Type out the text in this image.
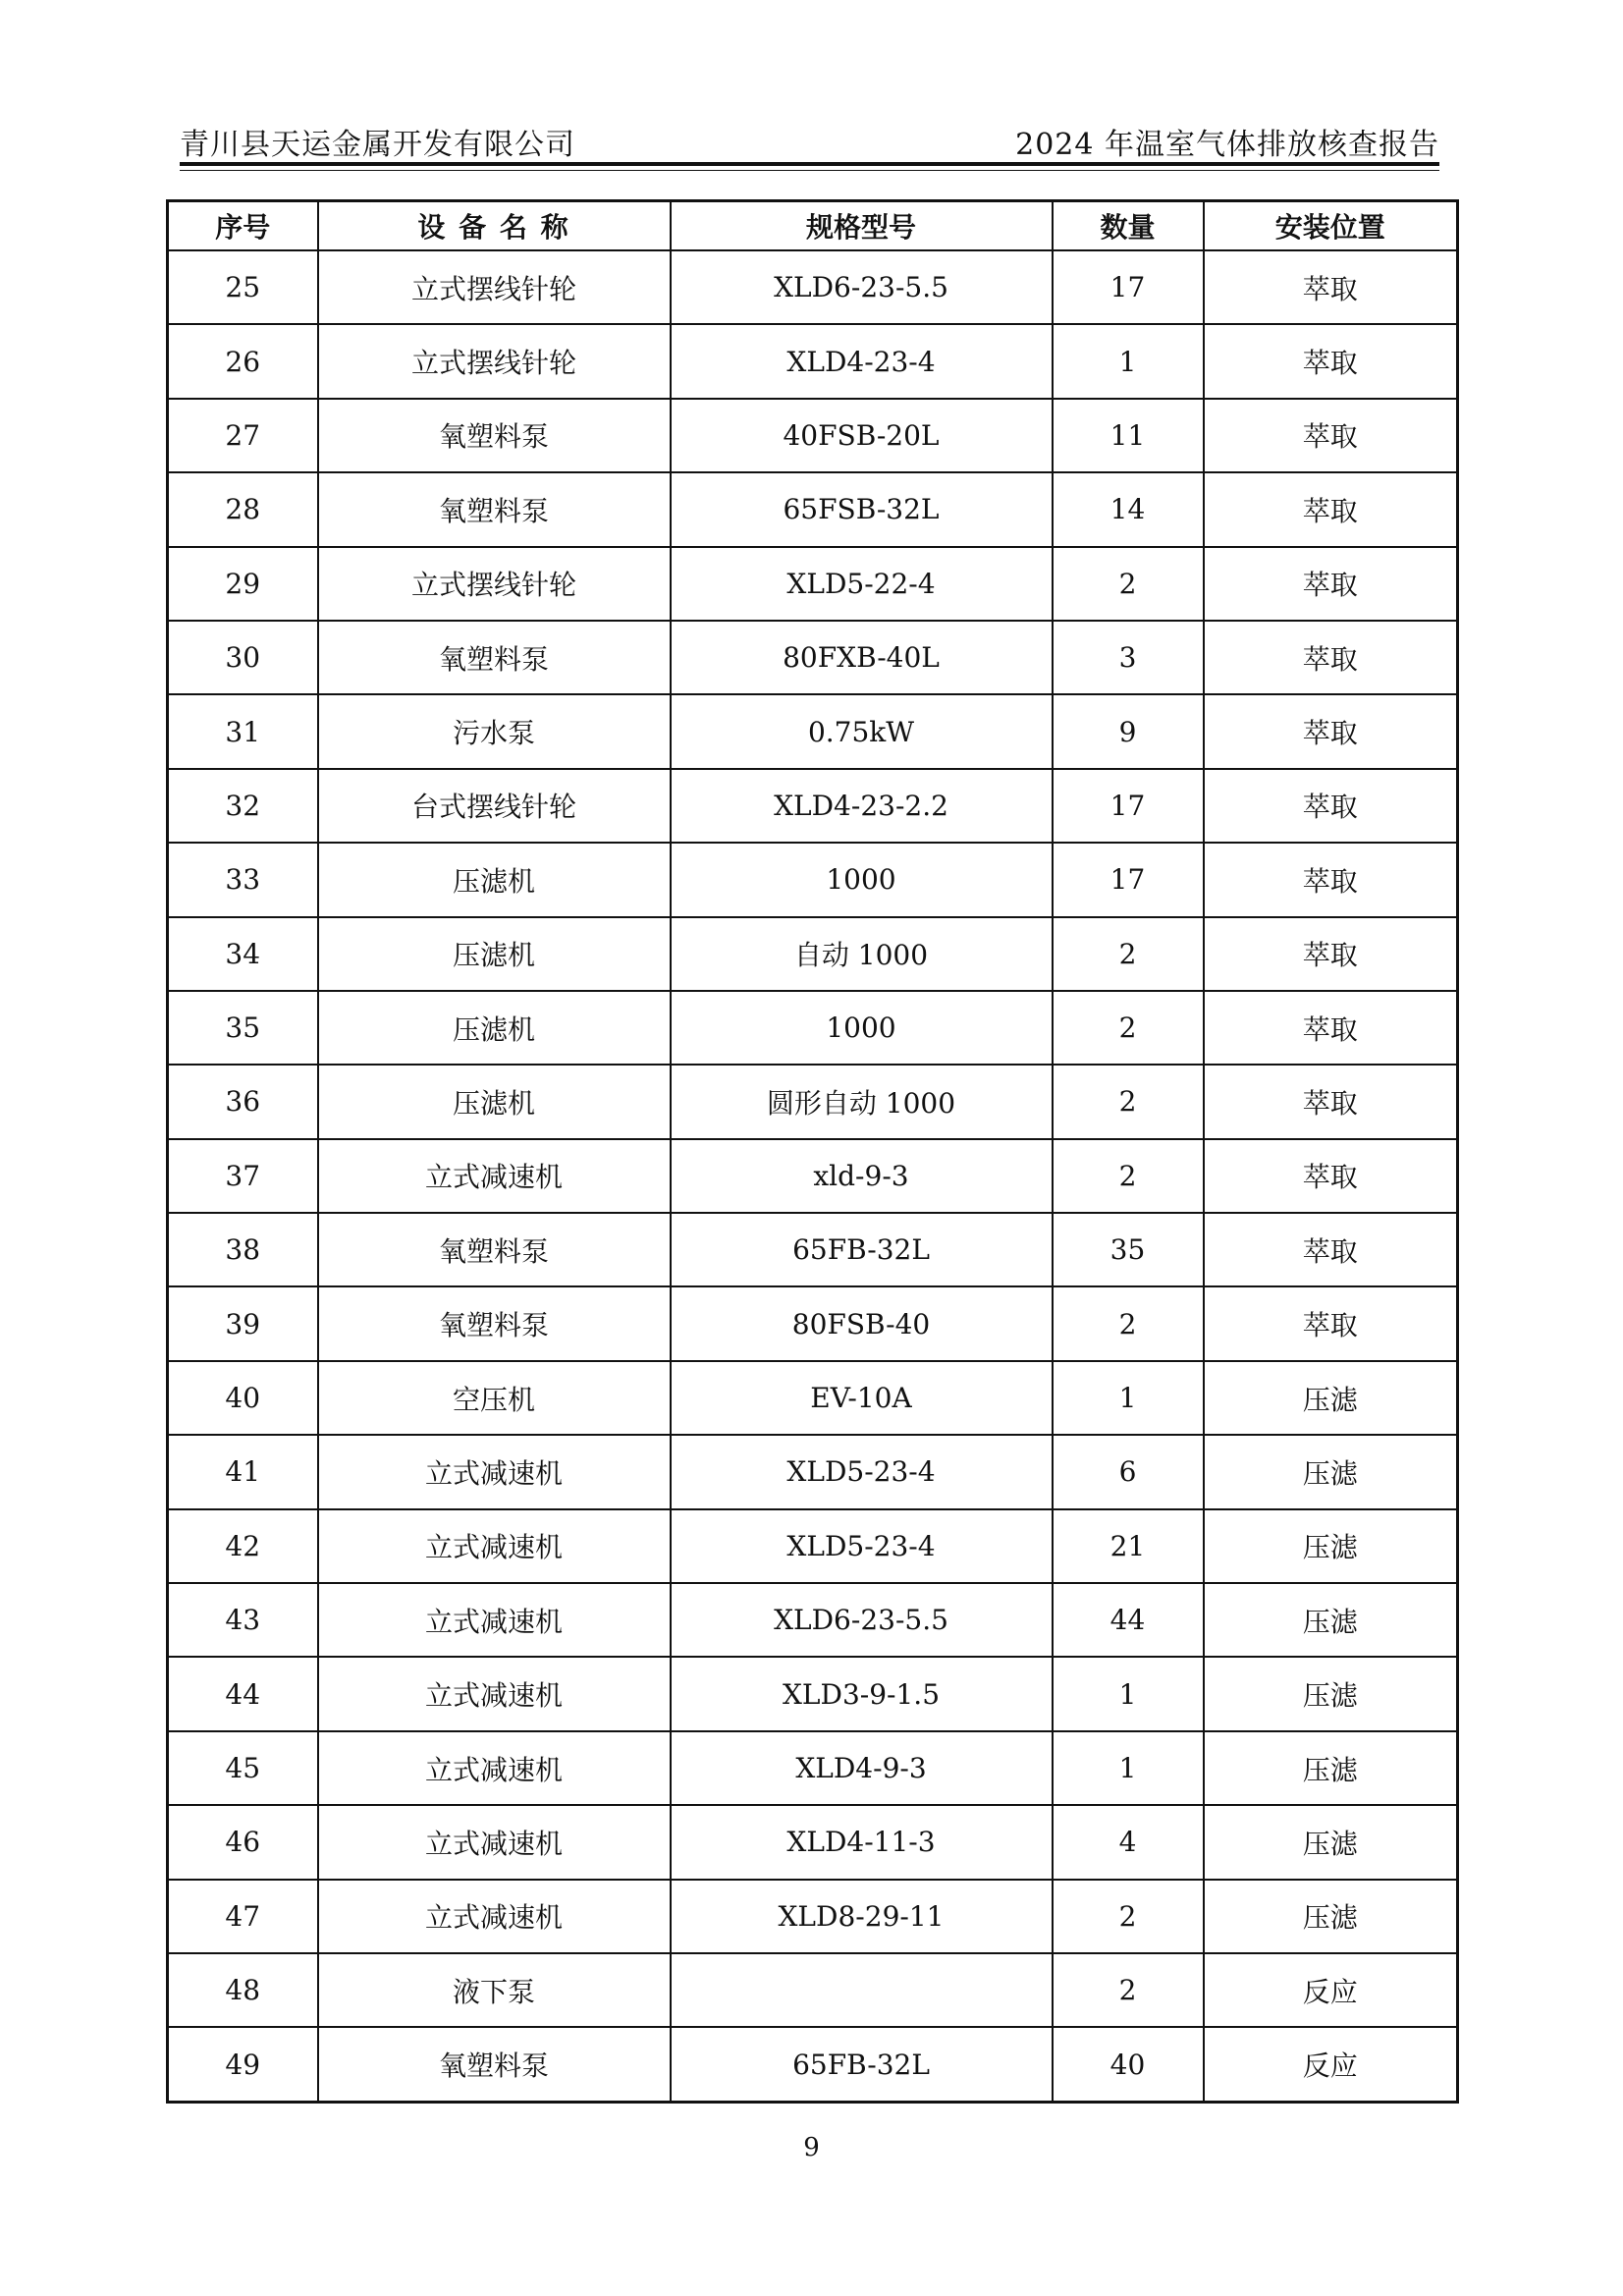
青川县天运金属开发有限公司	2024 年温室气体排放核查报告
序号	设 备 名 称	规格型号	数量	安装位置
25	立式摆线针轮	XLD6-23-5.5	17	萃取
26	立式摆线针轮	XLD4-23-4	1	萃取
27	氧塑料泵	40FSB-20L	11	萃取
28	氧塑料泵	65FSB-32L	14	萃取
29	立式摆线针轮	XLD5-22-4	2	萃取
30	氧塑料泵	80FXB-40L	3	萃取
31	污水泵	0.75kW	9	萃取
32	台式摆线针轮	XLD4-23-2.2	17	萃取
33	压滤机	1000	17	萃取
34	压滤机	自动 1000	2	萃取
35	压滤机	1000	2	萃取
36	压滤机	圆形自动 1000	2	萃取
37	立式减速机	xld-9-3	2	萃取
38	氧塑料泵	65FB-32L	35	萃取
39	氧塑料泵	80FSB-40	2	萃取
40	空压机	EV-10A	1	压滤
41	立式减速机	XLD5-23-4	6	压滤
42	立式减速机	XLD5-23-4	21	压滤
43	立式减速机	XLD6-23-5.5	44	压滤
44	立式减速机	XLD3-9-1.5	1	压滤
45	立式减速机	XLD4-9-3	1	压滤
46	立式减速机	XLD4-11-3	4	压滤
47	立式减速机	XLD8-29-11	2	压滤
48	液下泵		2	反应
49	氧塑料泵	65FB-32L	40	反应
9
